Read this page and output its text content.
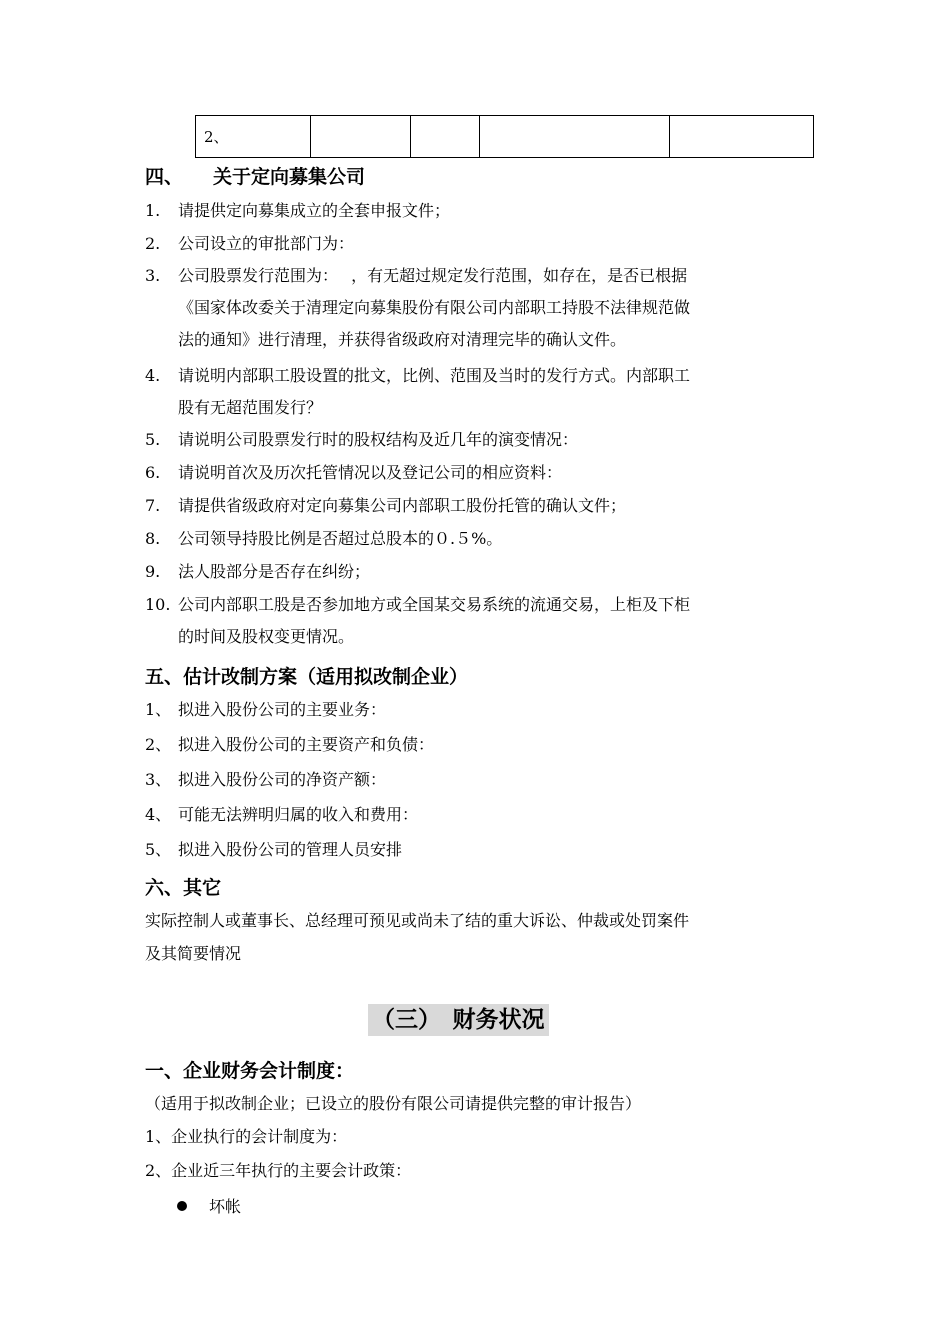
2、				
四、 关于定向募集公司
1. 请提供定向募集成立的全套申报文件；
2. 公司设立的审批部门为：
3. 公司股票发行范围为：　 ，有无超过规定发行范围，如存在，是否已根据
《国家体改委关于清理定向募集股份有限公司内部职工持股不法律规范做
法的通知》进行清理，并获得省级政府对清理完毕的确认文件。
4. 请说明内部职工股设置的批文，比例、范围及当时的发行方式。内部职工
股有无超范围发行？
5. 请说明公司股票发行时的股权结构及近几年的演变情况：
6. 请说明首次及历次托管情况以及登记公司的相应资料：
7. 请提供省级政府对定向募集公司内部职工股份托管的确认文件；
8. 公司领导持股比例是否超过总股本的０.５%。
9. 法人股部分是否存在纠纷；
10. 公司内部职工股是否参加地方或全国某交易系统的流通交易，上柜及下柜
的时间及股权变更情况。
五、估计改制方案（适用拟改制企业）
1、 拟进入股份公司的主要业务：
2、 拟进入股份公司的主要资产和负债：
3、 拟进入股份公司的净资产额：
4、 可能无法辨明归属的收入和费用：
5、 拟进入股份公司的管理人员安排
六、其它
实际控制人或董事长、总经理可预见或尚未了结的重大诉讼、仲裁或处罚案件
及其简要情况
（三）　财务状况
一、企业财务会计制度：
（适用于拟改制企业；已设立的股份有限公司请提供完整的审计报告）
1、企业执行的会计制度为：
2、企业近三年执行的主要会计政策：
坏帐
